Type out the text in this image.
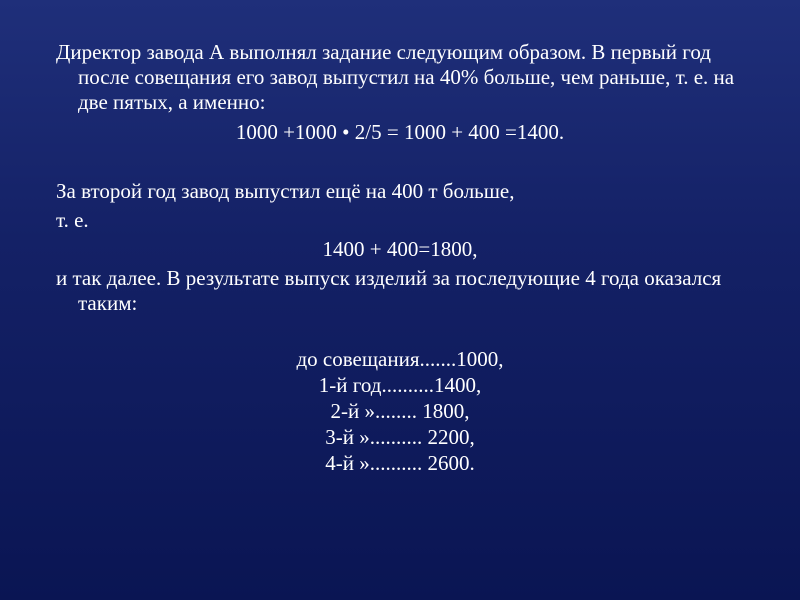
Директор завода А выполнял задание следующим образом. В первый год после совещания его завод выпустил на 40% больше, чем раньше, т. е. на две пятых, а именно:

1000 +1000 • 2/5 = 1000 + 400 =1400.

За второй год завод выпустил ещё на 400 т больше,

т. е.

1400 + 400=1800,

и так далее. В результате выпуск изделий за последующие 4 года оказался таким:

до совещания.......1000,
1-й год..........1400,
2-й »........ 1800,
3-й ».......... 2200,
4-й ».......... 2600.
